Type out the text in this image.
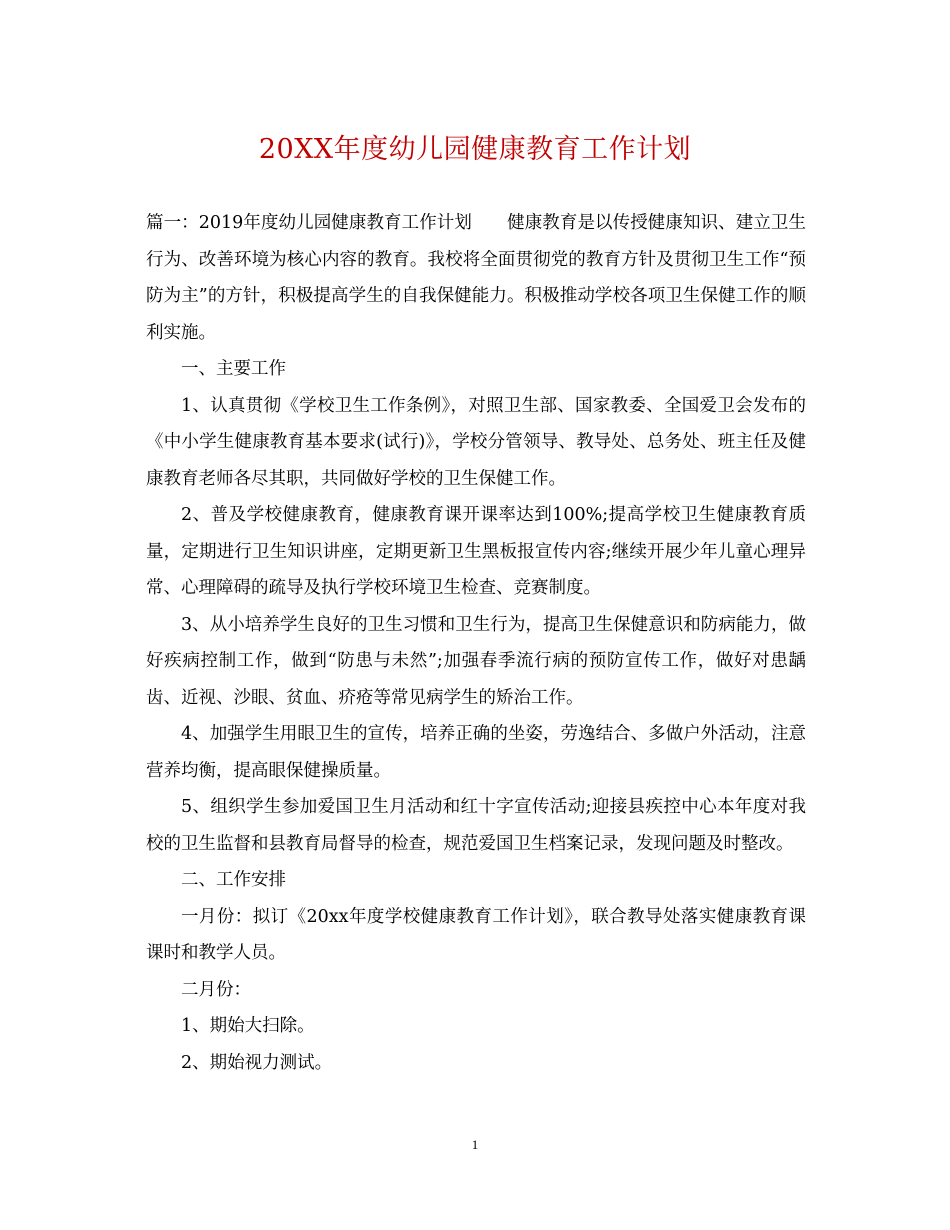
20XX年度幼儿园健康教育工作计划

篇一：2019年度幼儿园健康教育工作计划　　健康教育是以传授健康知识、建立卫生行为、改善环境为核心内容的教育。我校将全面贯彻党的教育方针及贯彻卫生工作“预防为主”的方针，积极提高学生的自我保健能力。积极推动学校各项卫生保健工作的顺利实施。

一、主要工作

1、认真贯彻《学校卫生工作条例》，对照卫生部、国家教委、全国爱卫会发布的《中小学生健康教育基本要求(试行)》，学校分管领导、教导处、总务处、班主任及健康教育老师各尽其职，共同做好学校的卫生保健工作。

2、普及学校健康教育，健康教育课开课率达到100%;提高学校卫生健康教育质量，定期进行卫生知识讲座，定期更新卫生黑板报宣传内容;继续开展少年儿童心理异常、心理障碍的疏导及执行学校环境卫生检查、竞赛制度。

3、从小培养学生良好的卫生习惯和卫生行为，提高卫生保健意识和防病能力，做好疾病控制工作，做到“防患与未然”;加强春季流行病的预防宣传工作，做好对患龋齿、近视、沙眼、贫血、疥疮等常见病学生的矫治工作。

4、加强学生用眼卫生的宣传，培养正确的坐姿，劳逸结合、多做户外活动，注意营养均衡，提高眼保健操质量。

5、组织学生参加爱国卫生月活动和红十字宣传活动;迎接县疾控中心本年度对我校的卫生监督和县教育局督导的检查，规范爱国卫生档案记录，发现问题及时整改。

二、工作安排

一月份：拟订《20xx年度学校健康教育工作计划》，联合教导处落实健康教育课课时和教学人员。

二月份：

1、期始大扫除。

2、期始视力测试。

1
